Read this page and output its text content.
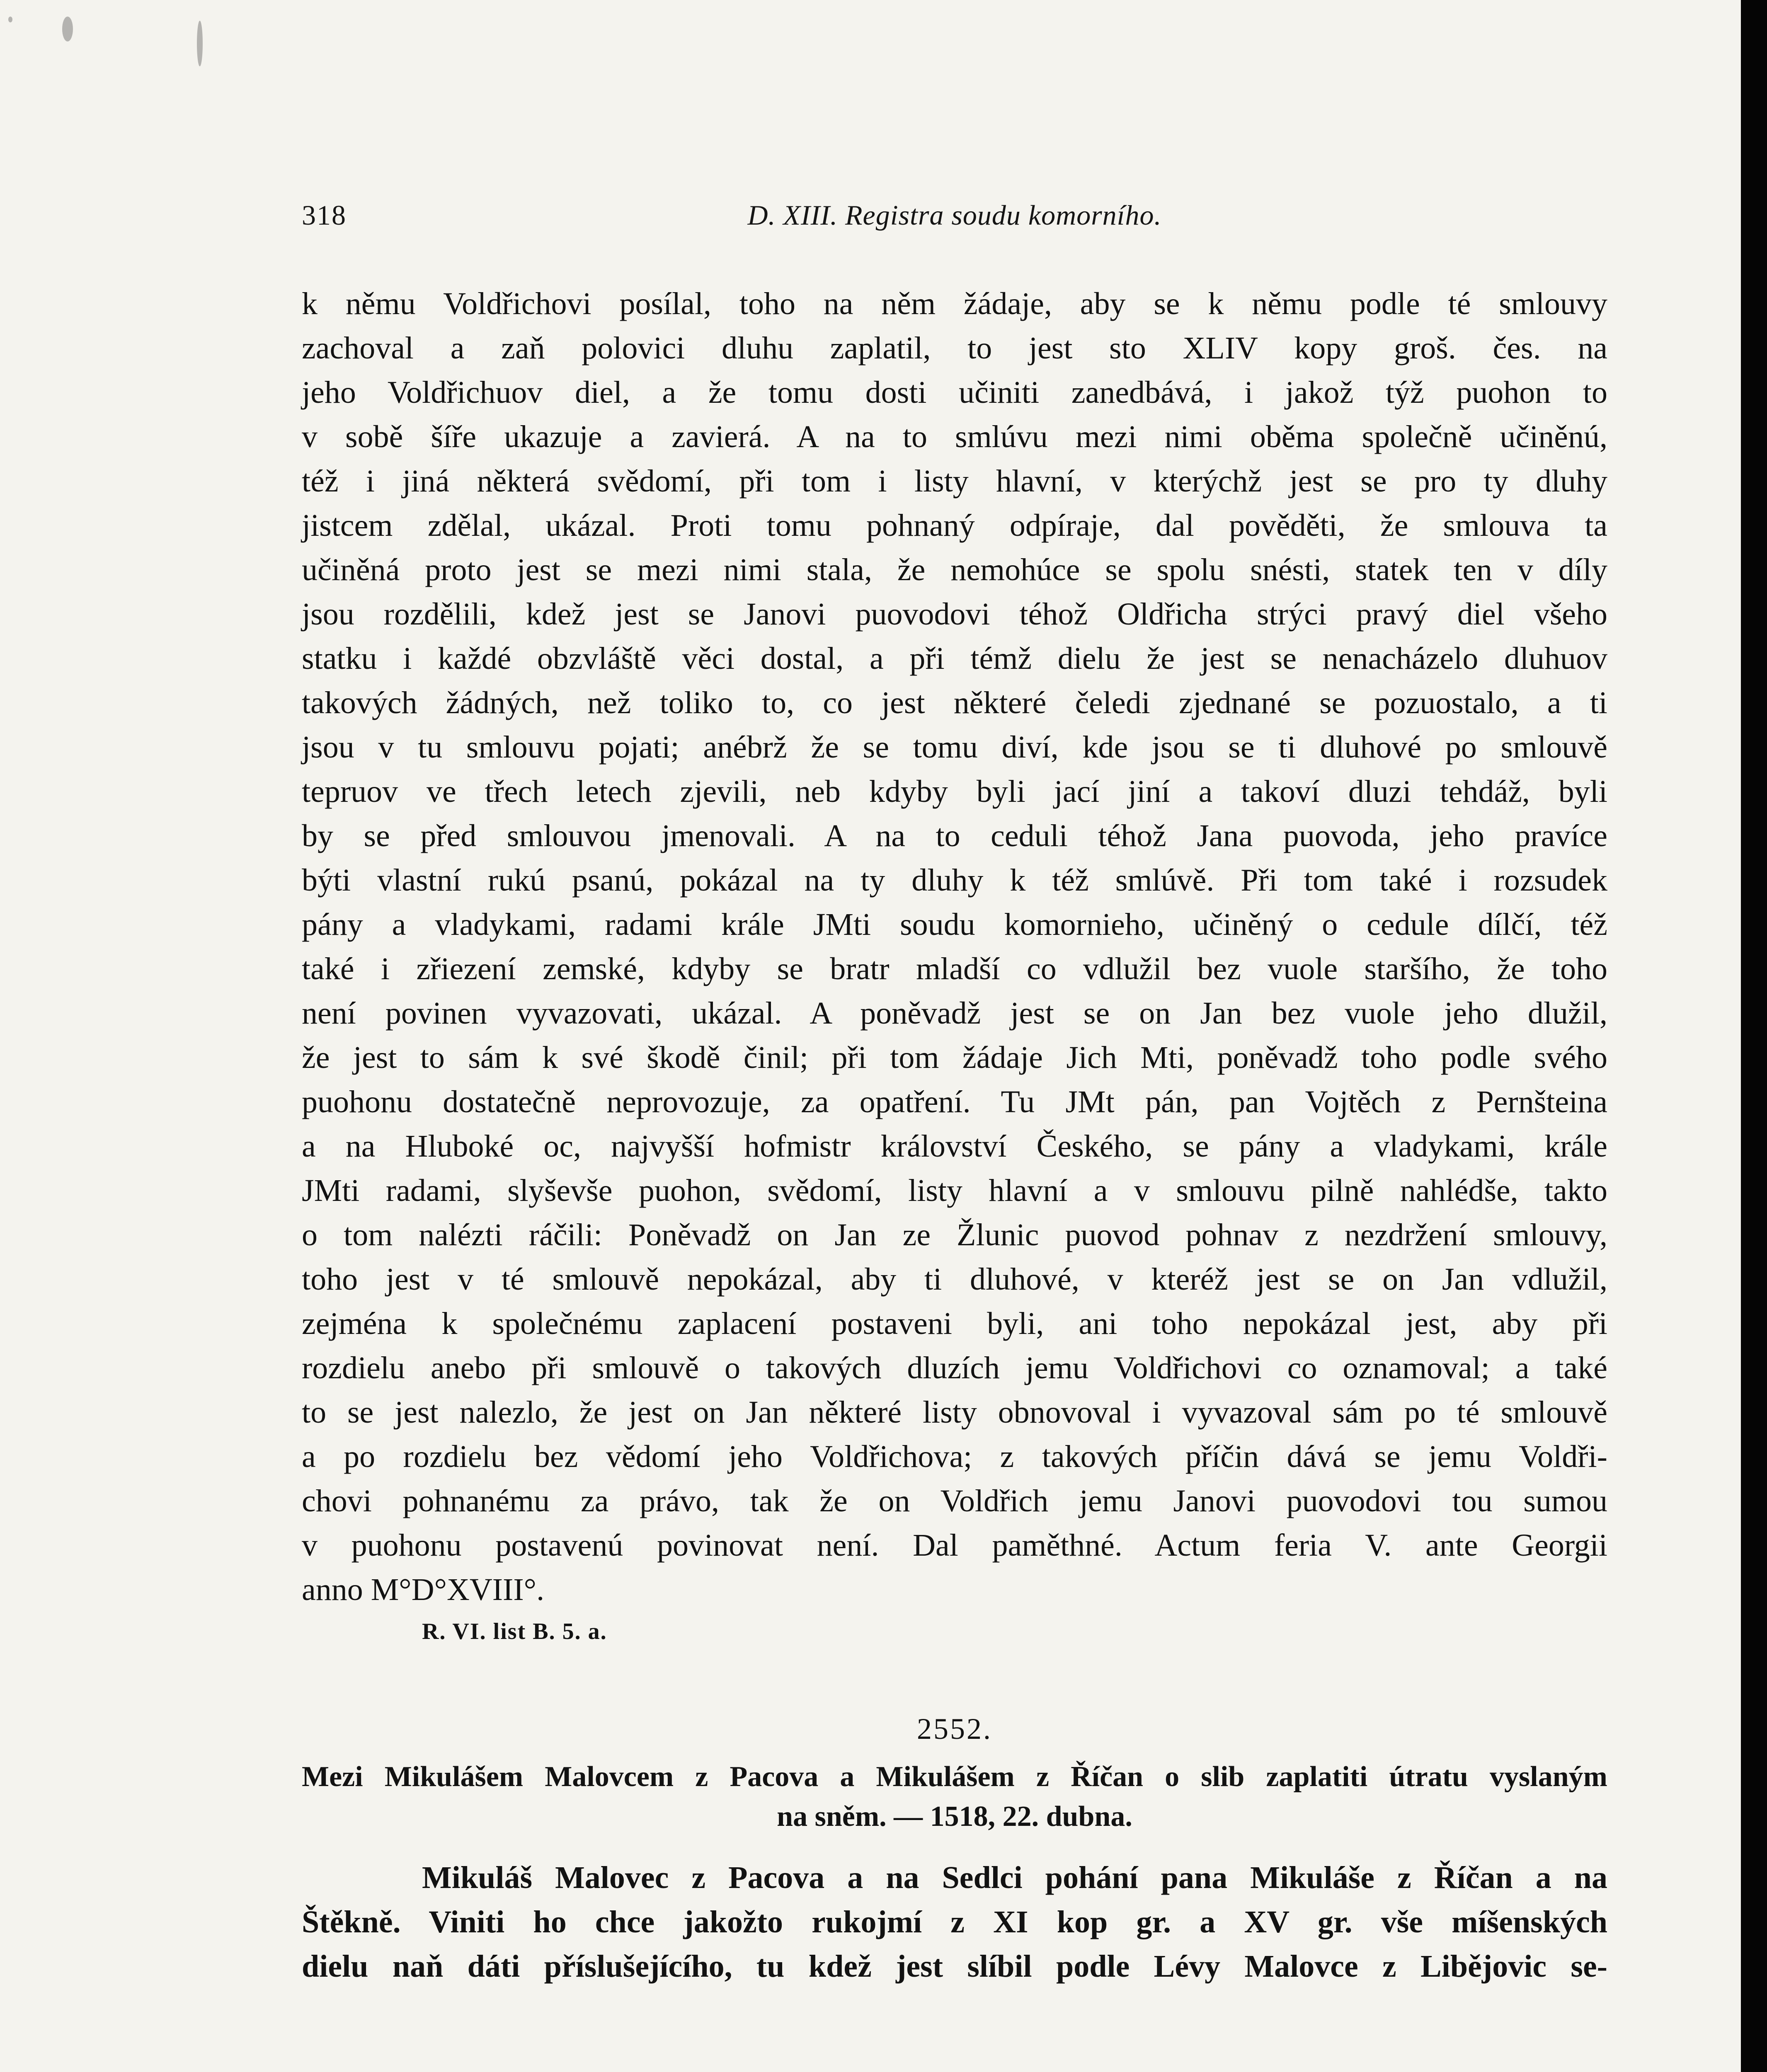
318	D. XIII. Registra soudu komorního.
k němu Voldřichovi posílal, toho na něm žádaje, aby se k němu podle té smlouvy
zachoval a zaň polovici dluhu zaplatil, to jest sto XLIV kopy groš. čes. na
jeho Voldřichuov diel, a že tomu dosti učiniti zanedbává, i jakož týž puohon to
v sobě šíře ukazuje a zavierá. A na to smlúvu mezi nimi oběma společně učiněnú,
též i jiná některá svědomí, při tom i listy hlavní, v kterýchž jest se pro ty dluhy
jistcem zdělal, ukázal. Proti tomu pohnaný odpíraje, dal pověděti, že smlouva ta
učiněná proto jest se mezi nimi stala, že nemohúce se spolu snésti, statek ten v díly
jsou rozdělili, kdež jest se Janovi puovodovi téhož Oldřicha strýci pravý diel všeho
statku i každé obzvláště věci dostal, a při témž dielu že jest se nenacházelo dluhuov
takových žádných, než toliko to, co jest některé čeledi zjednané se pozuostalo, a ti
jsou v tu smlouvu pojati; anébrž že se tomu diví, kde jsou se ti dluhové po smlouvě
tepruov ve třech letech zjevili, neb kdyby byli jací jiní a takoví dluzi tehdáž, byli
by se před smlouvou jmenovali. A na to ceduli téhož Jana puovoda, jeho pravíce
býti vlastní rukú psanú, pokázal na ty dluhy k též smlúvě. Při tom také i rozsudek
pány a vladykami, radami krále JMti soudu komornieho, učiněný o cedule dílčí, též
také i zřiezení zemské, kdyby se bratr mladší co vdlužil bez vuole staršího, že toho
není povinen vyvazovati, ukázal. A poněvadž jest se on Jan bez vuole jeho dlužil,
že jest to sám k své škodě činil; při tom žádaje Jich Mti, poněvadž toho podle svého
puohonu dostatečně neprovozuje, za opatření. Tu JMt pán, pan Vojtěch z Pernšteina
a na Hluboké oc, najvyšší hofmistr království Českého, se pány a vladykami, krále
JMti radami, slyševše puohon, svědomí, listy hlavní a v smlouvu pilně nahlédše, takto
o tom nalézti ráčili: Poněvadž on Jan ze Žlunic puovod pohnav z nezdržení smlouvy,
toho jest v té smlouvě nepokázal, aby ti dluhové, v kteréž jest se on Jan vdlužil,
zejména k společnému zaplacení postaveni byli, ani toho nepokázal jest, aby při
rozdielu anebo při smlouvě o takových dluzích jemu Voldřichovi co oznamoval; a také
to se jest nalezlo, že jest on Jan některé listy obnovoval i vyvazoval sám po té smlouvě
a po rozdielu bez vědomí jeho Voldřichova; z takových příčin dává se jemu Voldři-
chovi pohnanému za právo, tak že on Voldřich jemu Janovi puovodovi tou sumou
v puohonu postavenú povinovat není. Dal paměthné. Actum feria V. ante Georgii
anno M°D°XVIII°.
R. VI. list B. 5. a.
2552.
Mezi Mikulášem Malovcem z Pacova a Mikulášem z Říčan o slib zaplatiti útratu vyslaným
na sněm. — 1518, 22. dubna.
Mikuláš Malovec z Pacova a na Sedlci pohání pana Mikuláše z Říčan a na
Štěkně. Viniti ho chce jakožto rukojmí z XI kop gr. a XV gr. vše míšenských
dielu naň dáti příslušejícího, tu kdež jest slíbil podle Lévy Malovce z Libějovic se-
